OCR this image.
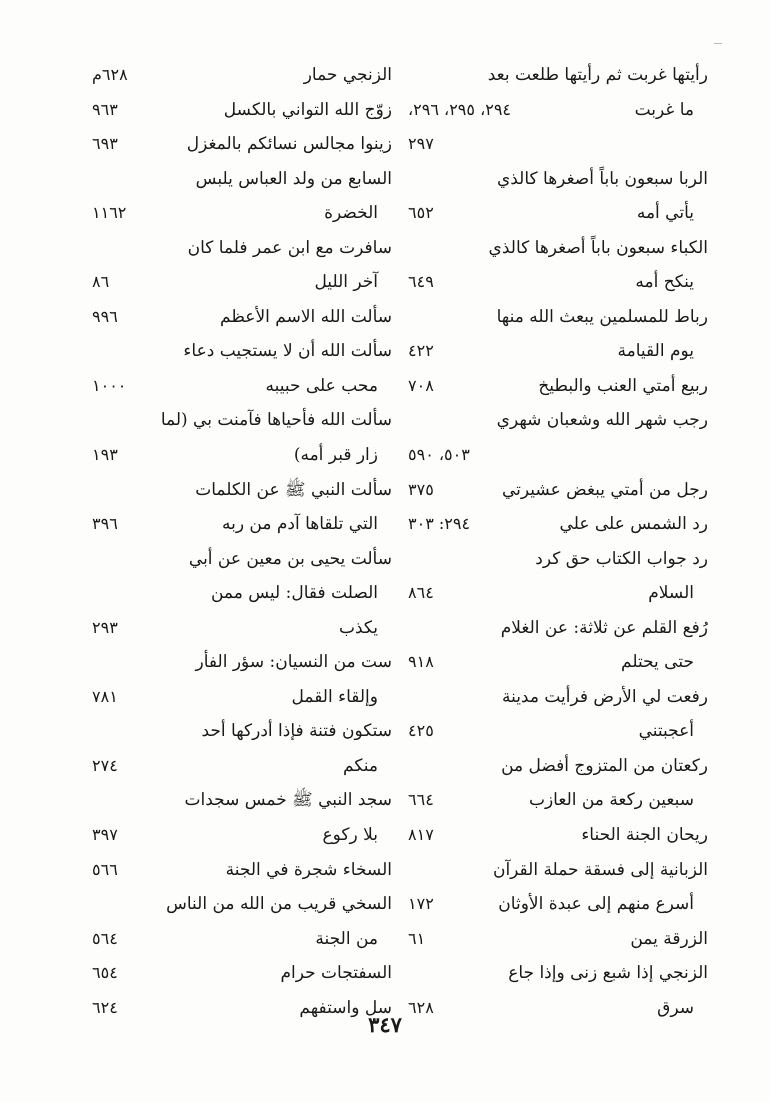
رأيتها غربت ثم رأيتها طلعت بعد
ما غربت
٢٩٤، ٢٩٥، ٢٩٦،
٢٩٧
الربا سبعون باباً أصغرها كالذي
يأتي أمه
٦٥٢
الكباء سبعون باباً أصغرها كالذي
ينكح أمه
٦٤٩
رباط للمسلمين يبعث الله منها
يوم القيامة
٤٢٢
ربيع أمتي العنب والبطيخ
٧٠٨
رجب شهر الله وشعبان شهري
٥٠٣، ٥٩٠
رجل من أمتي يبغض عشيرتي
٣٧٥
رد الشمس على علي
٢٩٤: ٣٠٣
رد جواب الكتاب حق كرد
السلام
٨٦٤
رُفع القلم عن ثلاثة: عن الغلام
حتى يحتلم
٩١٨
رفعت لي الأرض فرأيت مدينة
أعجبتني
٤٢٥
ركعتان من المتزوج أفضل من
سبعين ركعة من العازب
٦٦٤
ريحان الجنة الحناء
٨١٧
الزبانية إلى فسقة حملة القرآن
أسرع منهم إلى عبدة الأوثان
١٧٢
الزرقة يمن
٦١
الزنجي إذا شبع زنى وإذا جاع
سرق
٦٢٨
الزنجي حمار
٦٢٨م
زوّج الله التواني بالكسل
٩٦٣
زينوا مجالس نسائكم بالمغزل
٦٩٣
السابع من ولد العباس يلبس
الخضرة
١١٦٢
سافرت مع ابن عمر فلما كان
آخر الليل
٨٦
سألت الله الاسم الأعظم
٩٩٦
سألت الله أن لا يستجيب دعاء
محب على حبيبه
١٠٠٠
سألت الله فأحياها فآمنت بي (لما
زار قبر أمه)
١٩٣
سألت النبي ﷺ عن الكلمات
التي تلقاها آدم من ربه
٣٩٦
سألت يحيى بن معين عن أبي
الصلت فقال: ليس ممن
يكذب
٢٩٣
ست من النسيان: سؤر الفأر
وإلقاء القمل
٧٨١
ستكون فتنة فإذا أدركها أحد
منكم
٢٧٤
سجد النبي ﷺ خمس سجدات
بلا ركوع
٣٩٧
السخاء شجرة في الجنة
٥٦٦
السخي قريب من الله من الناس
من الجنة
٥٦٤
السفتجات حرام
٦٥٤
سل واستفهم
٦٢٤
٣٤٧
